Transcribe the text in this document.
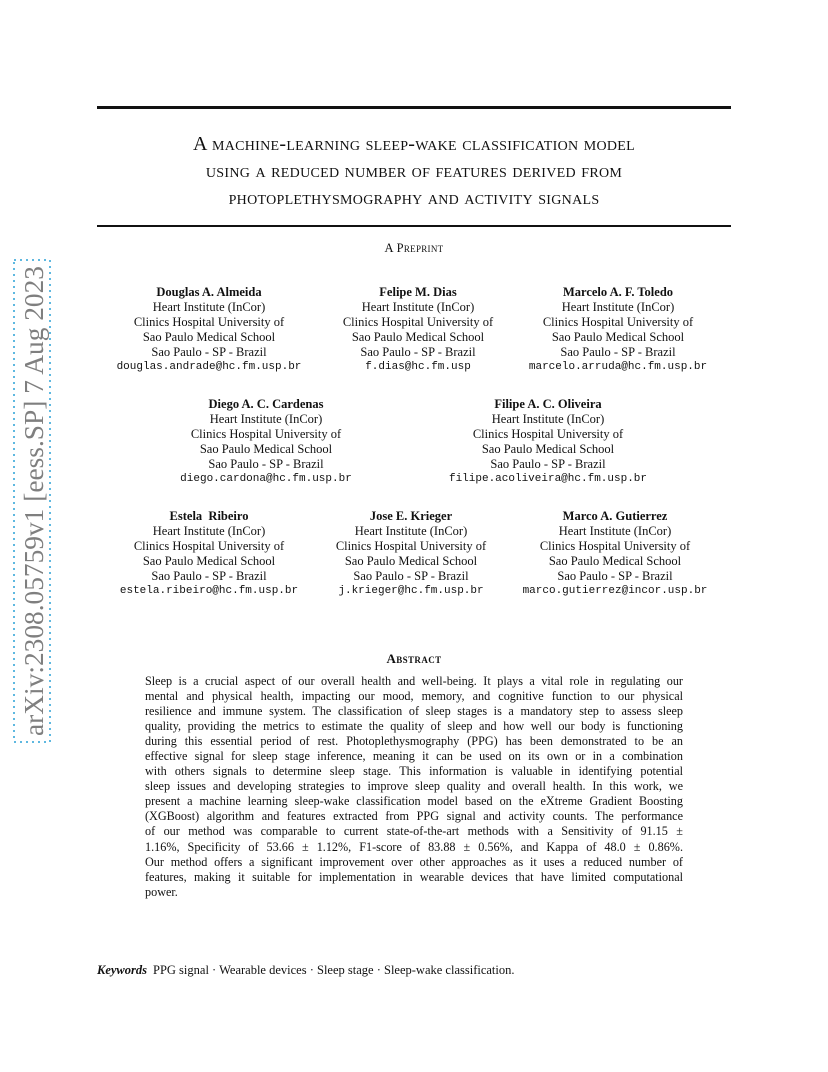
A machine-learning sleep-wake classification model
using a reduced number of features derived from
photoplethysmography and activity signals
A Preprint
Douglas A. Almeida
Heart Institute (InCor)
Clinics Hospital University of
Sao Paulo Medical School
Sao Paulo - SP - Brazil
douglas.andrade@hc.fm.usp.br
Felipe M. Dias
Heart Institute (InCor)
Clinics Hospital University of
Sao Paulo Medical School
Sao Paulo - SP - Brazil
f.dias@hc.fm.usp
Marcelo A. F. Toledo
Heart Institute (InCor)
Clinics Hospital University of
Sao Paulo Medical School
Sao Paulo - SP - Brazil
marcelo.arruda@hc.fm.usp.br
Diego A. C. Cardenas
Heart Institute (InCor)
Clinics Hospital University of
Sao Paulo Medical School
Sao Paulo - SP - Brazil
diego.cardona@hc.fm.usp.br
Filipe A. C. Oliveira
Heart Institute (InCor)
Clinics Hospital University of
Sao Paulo Medical School
Sao Paulo - SP - Brazil
filipe.acoliveira@hc.fm.usp.br
Estela  Ribeiro
Heart Institute (InCor)
Clinics Hospital University of
Sao Paulo Medical School
Sao Paulo - SP - Brazil
estela.ribeiro@hc.fm.usp.br
Jose E. Krieger
Heart Institute (InCor)
Clinics Hospital University of
Sao Paulo Medical School
Sao Paulo - SP - Brazil
j.krieger@hc.fm.usp.br
Marco A. Gutierrez
Heart Institute (InCor)
Clinics Hospital University of
Sao Paulo Medical School
Sao Paulo - SP - Brazil
marco.gutierrez@incor.usp.br
Abstract
Sleep is a crucial aspect of our overall health and well-being. It plays a vital role in regulating our
mental and physical health, impacting our mood, memory, and cognitive function to our physical
resilience and immune system. The classification of sleep stages is a mandatory step to assess sleep
quality, providing the metrics to estimate the quality of sleep and how well our body is functioning
during this essential period of rest. Photoplethysmography (PPG) has been demonstrated to be an
effective signal for sleep stage inference, meaning it can be used on its own or in a combination
with others signals to determine sleep stage. This information is valuable in identifying potential
sleep issues and developing strategies to improve sleep quality and overall health. In this work, we
present a machine learning sleep-wake classification model based on the eXtreme Gradient Boosting
(XGBoost) algorithm and features extracted from PPG signal and activity counts. The performance
of our method was comparable to current state-of-the-art methods with a Sensitivity of 91.15 ±
1.16%, Specificity of 53.66 ± 1.12%, F1-score of 83.88 ± 0.56%, and Kappa of 48.0 ± 0.86%.
Our method offers a significant improvement over other approaches as it uses a reduced number of
features, making it suitable for implementation in wearable devices that have limited computational
power.
Keywords PPG signal · Wearable devices · Sleep stage · Sleep-wake classification.
arXiv:2308.05759v1 [eess.SP] 7 Aug 2023
